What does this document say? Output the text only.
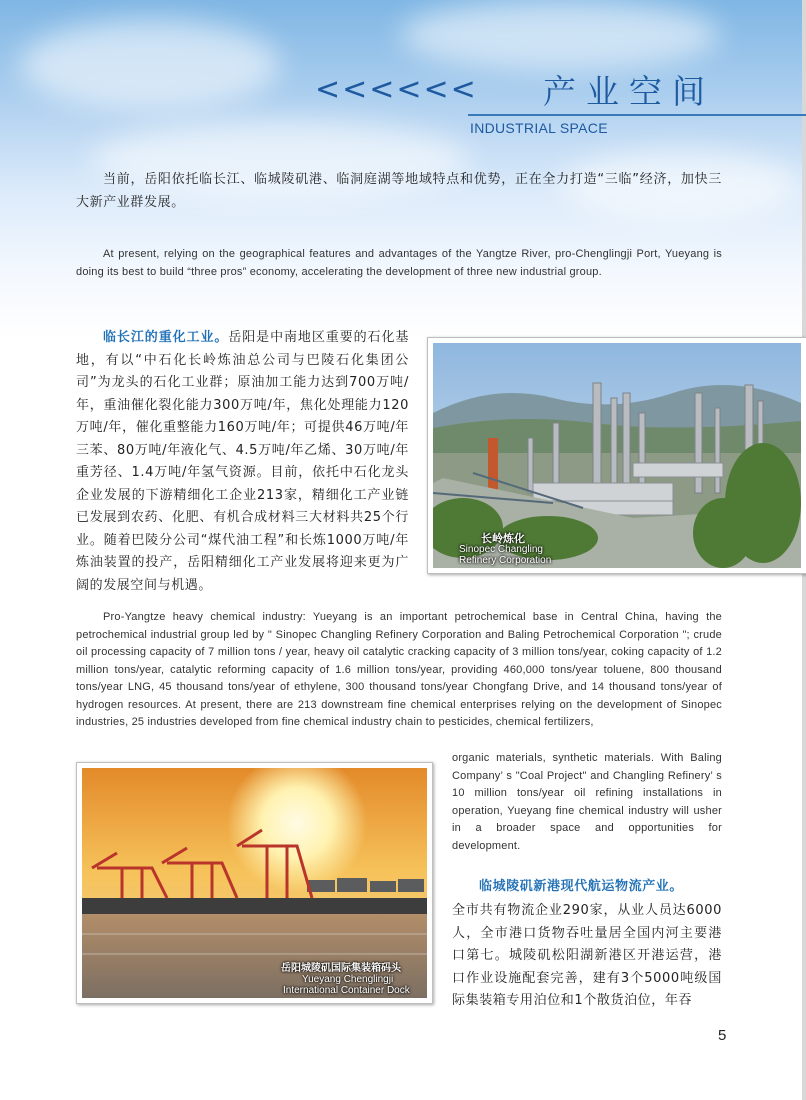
<<<<<< 产业空间
INDUSTRIAL SPACE

当前，岳阳依托临长江、临城陵矶港、临洞庭湖等地域特点和优势，正在全力打造“三临”经济，加快三大新产业群发展。

At present, relying on the geographical features and advantages of the Yangtze River, pro-Chenglingji Port, Yueyang is doing its best to build “three pros” economy, accelerating the development of three new industrial group.

临长江的重化工业。岳阳是中南地区重要的石化基地，有以“中石化长岭炼油总公司与巴陵石化集团公司”为龙头的石化工业群；原油加工能力达到700万吨/年，重油催化裂化能力300万吨/年，焦化处理能力120万吨/年，催化重整能力160万吨/年；可提供46万吨/年三苯、80万吨/年液化气、4.5万吨/年乙烯、30万吨/年重芳径、1.4万吨/年氢气资源。目前，依托中石化龙头企业发展的下游精细化工企业213家，精细化工产业链已发展到农药、化肥、有机合成材料三大材料共25个行业。随着巴陵分公司“煤代油工程”和长炼1000万吨/年炼油装置的投产，岳阳精细化工产业发展将迎来更为广阔的发展空间与机遇。

长岭炼化
Sinopec Changling
Refinery Corporation

Pro-Yangtze heavy chemical industry: Yueyang is an important petrochemical base in Central China, having the petrochemical industrial group led by " Sinopec Changling Refinery Corporation and Baling Petrochemical Corporation "; crude oil processing capacity of 7 million tons / year, heavy oil catalytic cracking capacity of 3 million tons/year, coking capacity of 1.2 million tons/year, catalytic reforming capacity of 1.6 million tons/year, providing 460,000 tons/year toluene, 800 thousand tons/year LNG, 45 thousand tons/year of ethylene, 300 thousand tons/year Chongfang Drive, and 14 thousand tons/year of hydrogen resources. At present, there are 213 downstream fine chemical enterprises relying on the development of Sinopec industries, 25 industries developed from fine chemical industry chain to pesticides, chemical fertilizers,

岳阳城陵矶国际集装箱码头
Yueyang Chenglingji
International Container Dock

organic materials, synthetic materials. With Baling Company’ s "Coal Project" and Changling Refinery’ s 10 million tons/year oil refining installations in operation, Yueyang fine chemical industry will usher in a broader space and opportunities for development.

临城陵矶新港现代航运物流产业。

全市共有物流企业290家，从业人员达6000人，全市港口货物吞吐量居全国内河主要港口第七。城陵矶松阳湖新港区开港运营，港口作业设施配套完善，建有3个5000吨级国际集装箱专用泊位和1个散货泊位，年吞

5
